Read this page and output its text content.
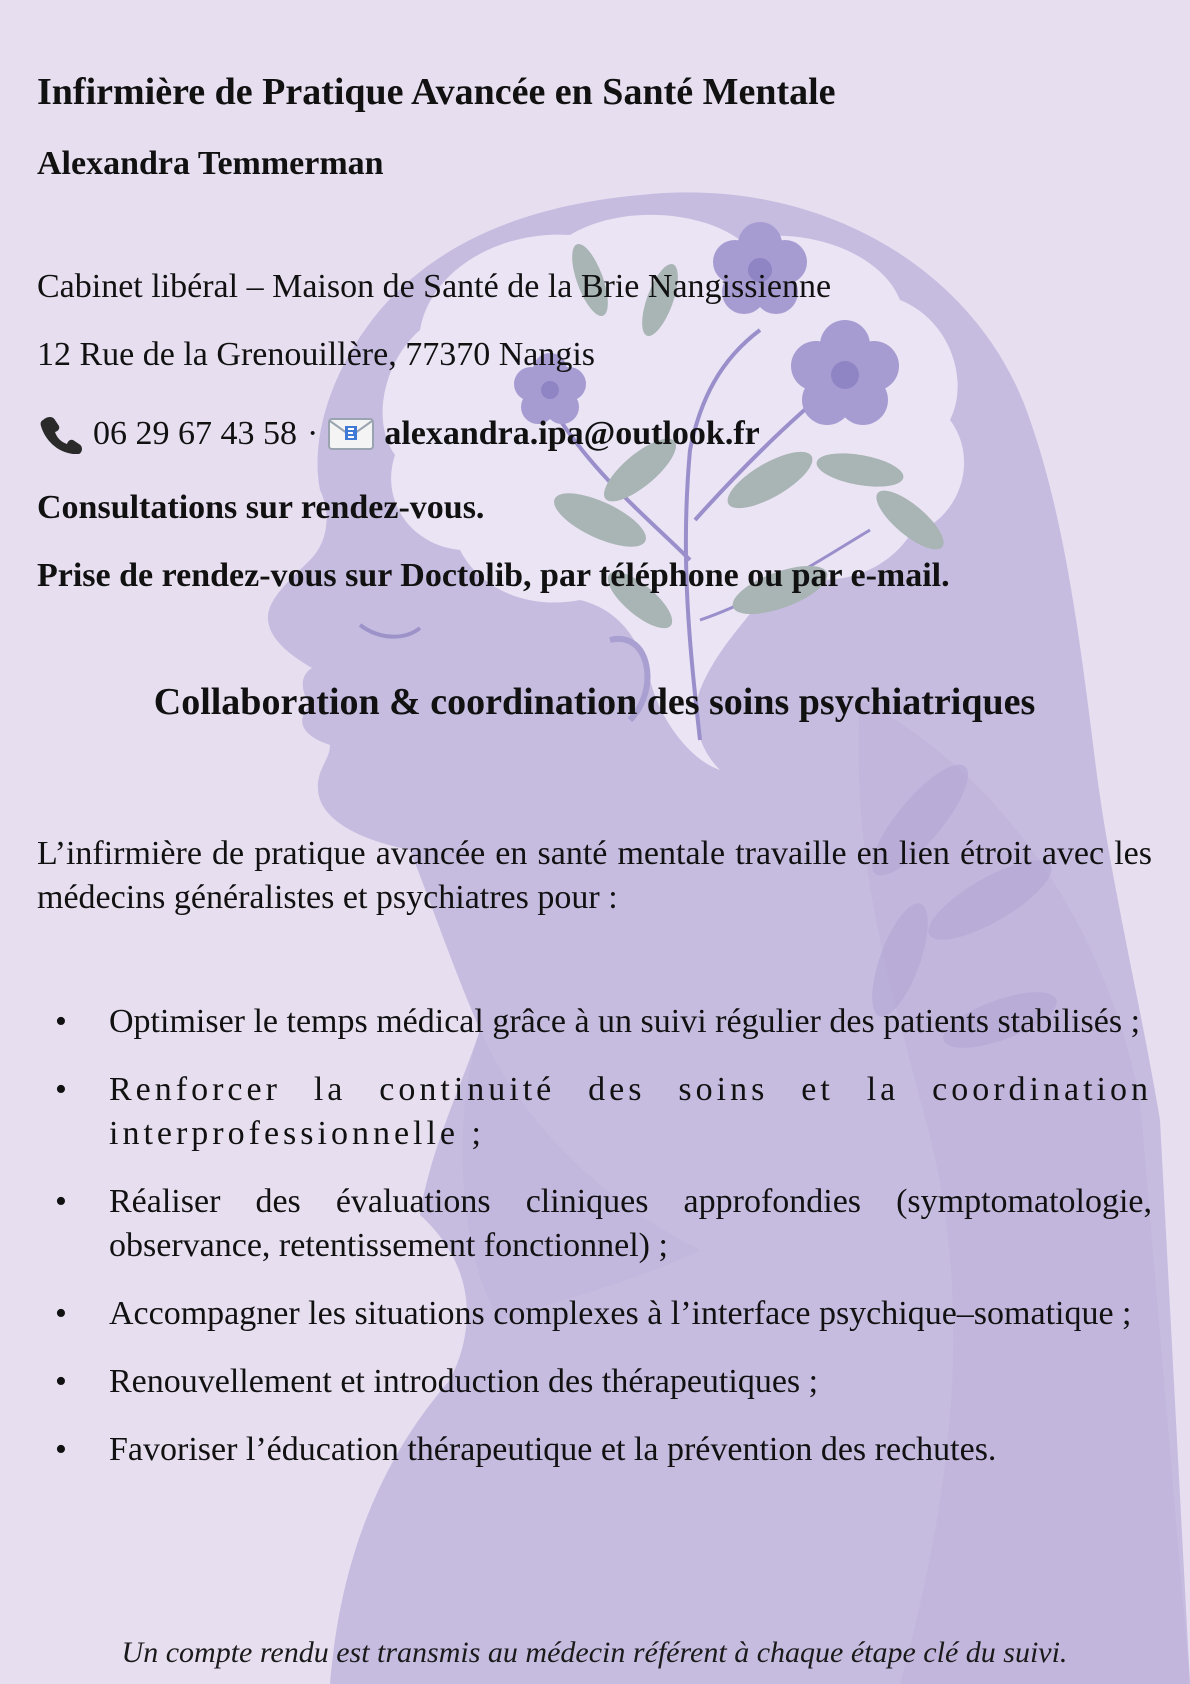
Infirmière de Pratique Avancée en Santé Mentale
Alexandra Temmerman
Cabinet libéral – Maison de Santé de la Brie Nangissienne
12 Rue de la Grenouillère, 77370 Nangis
06 29 67 43 58 · alexandra.ipa@outlook.fr
Consultations sur rendez-vous.
Prise de rendez-vous sur Doctolib, par téléphone ou par e-mail.
Collaboration & coordination des soins psychiatriques

L’infirmière de pratique avancée en santé mentale travaille en lien étroit avec les médecins généralistes et psychiatres pour :

• Optimiser le temps médical grâce à un suivi régulier des patients stabilisés ;
• Renforcer la continuité des soins et la coordination interprofessionnelle ;
• Réaliser des évaluations cliniques approfondies (symptomatologie, observance, retentissement fonctionnel) ;
• Accompagner les situations complexes à l’interface psychique–somatique ;
• Renouvellement et introduction des thérapeutiques ;
• Favoriser l’éducation thérapeutique et la prévention des rechutes.
Un compte rendu est transmis au médecin référent à chaque étape clé du suivi.
